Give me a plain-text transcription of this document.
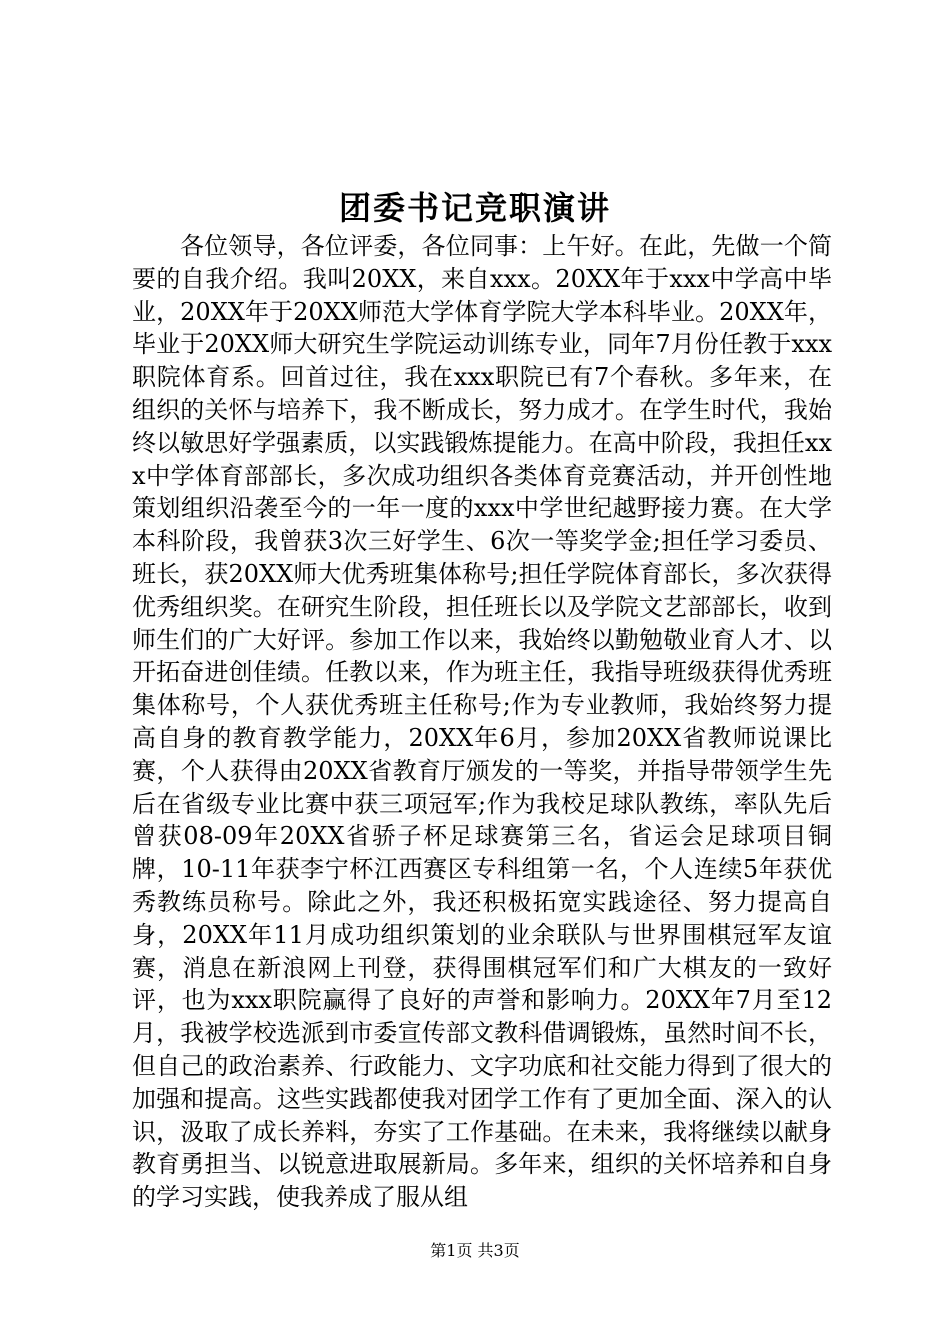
团委书记竞职演讲

各位领导，各位评委，各位同事：上午好。在此，先做一个简要的自我介绍。我叫20XX，来自xxx。20XX年于xxx中学高中毕业，20XX年于20XX师范大学体育学院大学本科毕业。20XX年，毕业于20XX师大研究生学院运动训练专业，同年7月份任教于xxx职院体育系。回首过往，我在xxx职院已有7个春秋。多年来，在组织的关怀与培养下，我不断成长，努力成才。在学生时代，我始终以敏思好学强素质，以实践锻炼提能力。在高中阶段，我担任xxx中学体育部部长，多次成功组织各类体育竞赛活动，并开创性地策划组织沿袭至今的一年一度的xxx中学世纪越野接力赛。在大学本科阶段，我曾获3次三好学生、6次一等奖学金;担任学习委员、班长，获20XX师大优秀班集体称号;担任学院体育部长，多次获得优秀组织奖。在研究生阶段，担任班长以及学院文艺部部长，收到师生们的广大好评。参加工作以来，我始终以勤勉敬业育人才、以开拓奋进创佳绩。任教以来，作为班主任，我指导班级获得优秀班集体称号，个人获优秀班主任称号;作为专业教师，我始终努力提高自身的教育教学能力，20XX年6月，参加20XX省教师说课比赛，个人获得由20XX省教育厅颁发的一等奖，并指导带领学生先后在省级专业比赛中获三项冠军;作为我校足球队教练，率队先后曾获08-09年20XX省骄子杯足球赛第三名，省运会足球项目铜牌，10-11年获李宁杯江西赛区专科组第一名，个人连续5年获优秀教练员称号。除此之外，我还积极拓宽实践途径、努力提高自身，20XX年11月成功组织策划的业余联队与世界围棋冠军友谊赛，消息在新浪网上刊登，获得围棋冠军们和广大棋友的一致好评，也为xxx职院赢得了良好的声誉和影响力。20XX年7月至12月，我被学校选派到市委宣传部文教科借调锻炼，虽然时间不长，但自己的政治素养、行政能力、文字功底和社交能力得到了很大的加强和提高。这些实践都使我对团学工作有了更加全面、深入的认识，汲取了成长养料，夯实了工作基础。在未来，我将继续以献身教育勇担当、以锐意进取展新局。多年来，组织的关怀培养和自身的学习实践，使我养成了服从组

第1页 共3页
